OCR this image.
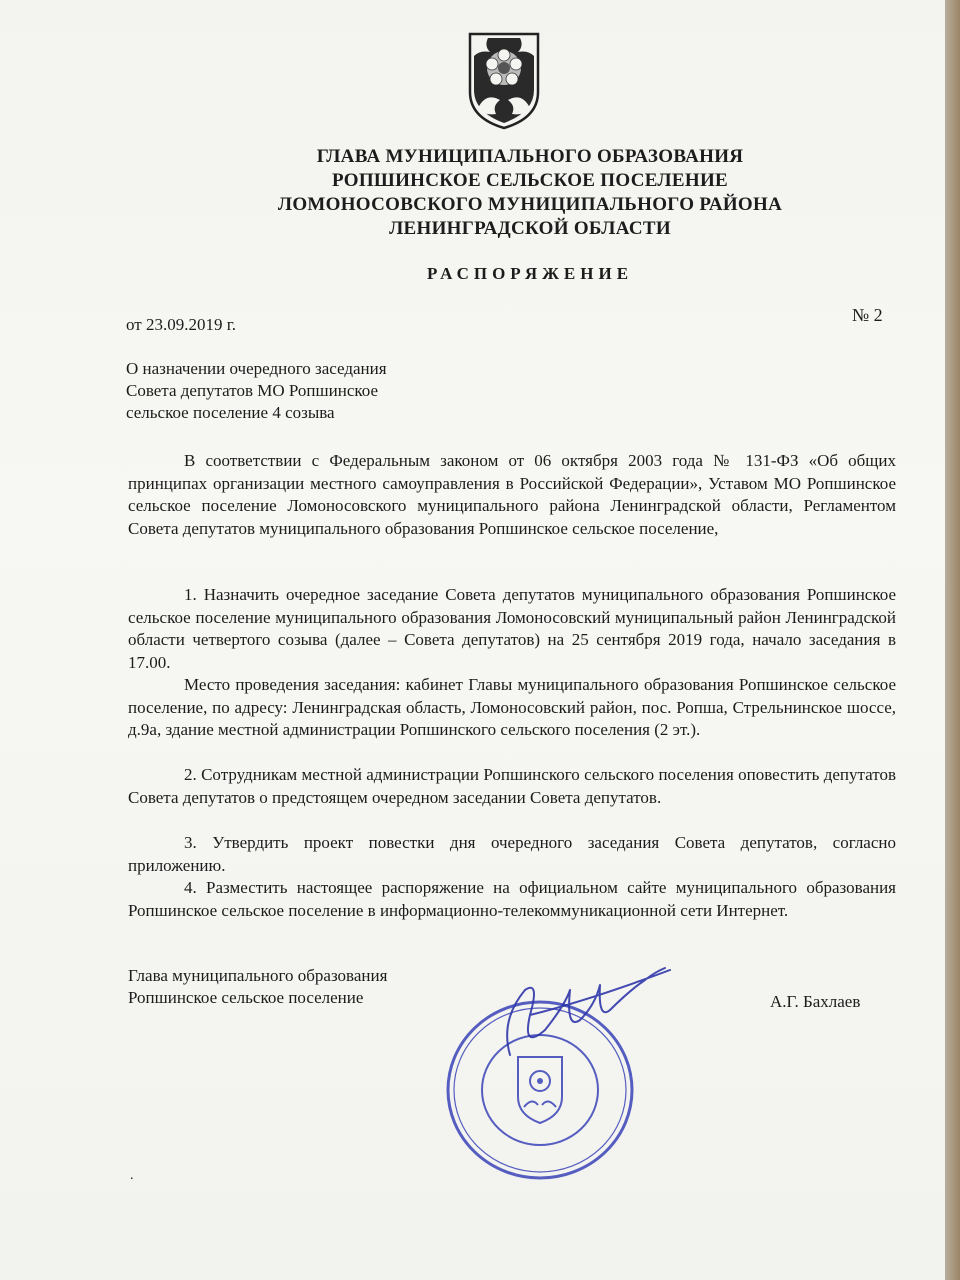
ГЛАВА МУНИЦИПАЛЬНОГО ОБРАЗОВАНИЯ
РОПШИНСКОЕ СЕЛЬСКОЕ ПОСЕЛЕНИЕ
ЛОМОНОСОВСКОГО МУНИЦИПАЛЬНОГО РАЙОНА
ЛЕНИНГРАДСКОЙ ОБЛАСТИ
РАСПОРЯЖЕНИЕ
от 23.09.2019 г.	№ 2
О назначении очередного заседания
Совета депутатов МО Ропшинское
сельское поселение 4 созыва

В соответствии с Федеральным законом от 06 октября 2003 года № 131-ФЗ «Об общих принципах организации местного самоуправления в Российской Федерации», Уставом МО Ропшинское сельское поселение Ломоносовского муниципального района Ленинградской области, Регламентом Совета депутатов муниципального образования Ропшинское сельское поселение,

1. Назначить очередное заседание Совета депутатов муниципального образования Ропшинское сельское поселение муниципального образования Ломоносовский муниципальный район Ленинградской области четвертого созыва (далее – Совета депутатов) на 25 сентября 2019 года, начало заседания в 17.00.

Место проведения заседания: кабинет Главы муниципального образования Ропшинское сельское поселение, по адресу: Ленинградская область, Ломоносовский район, пос. Ропша, Стрельнинское шоссе, д.9а, здание местной администрации Ропшинского сельского поселения (2 эт.).

2. Сотрудникам местной администрации Ропшинского сельского поселения оповестить депутатов Совета депутатов о предстоящем очередном заседании Совета депутатов.

3. Утвердить проект повестки дня очередного заседания Совета депутатов, согласно приложению.

4. Разместить настоящее распоряжение на официальном сайте муниципального образования Ропшинское сельское поселение в информационно-телекоммуникационной сети Интернет.

Глава муниципального образования
Ропшинское сельское поселение	А.Г. Бахлаев
.
